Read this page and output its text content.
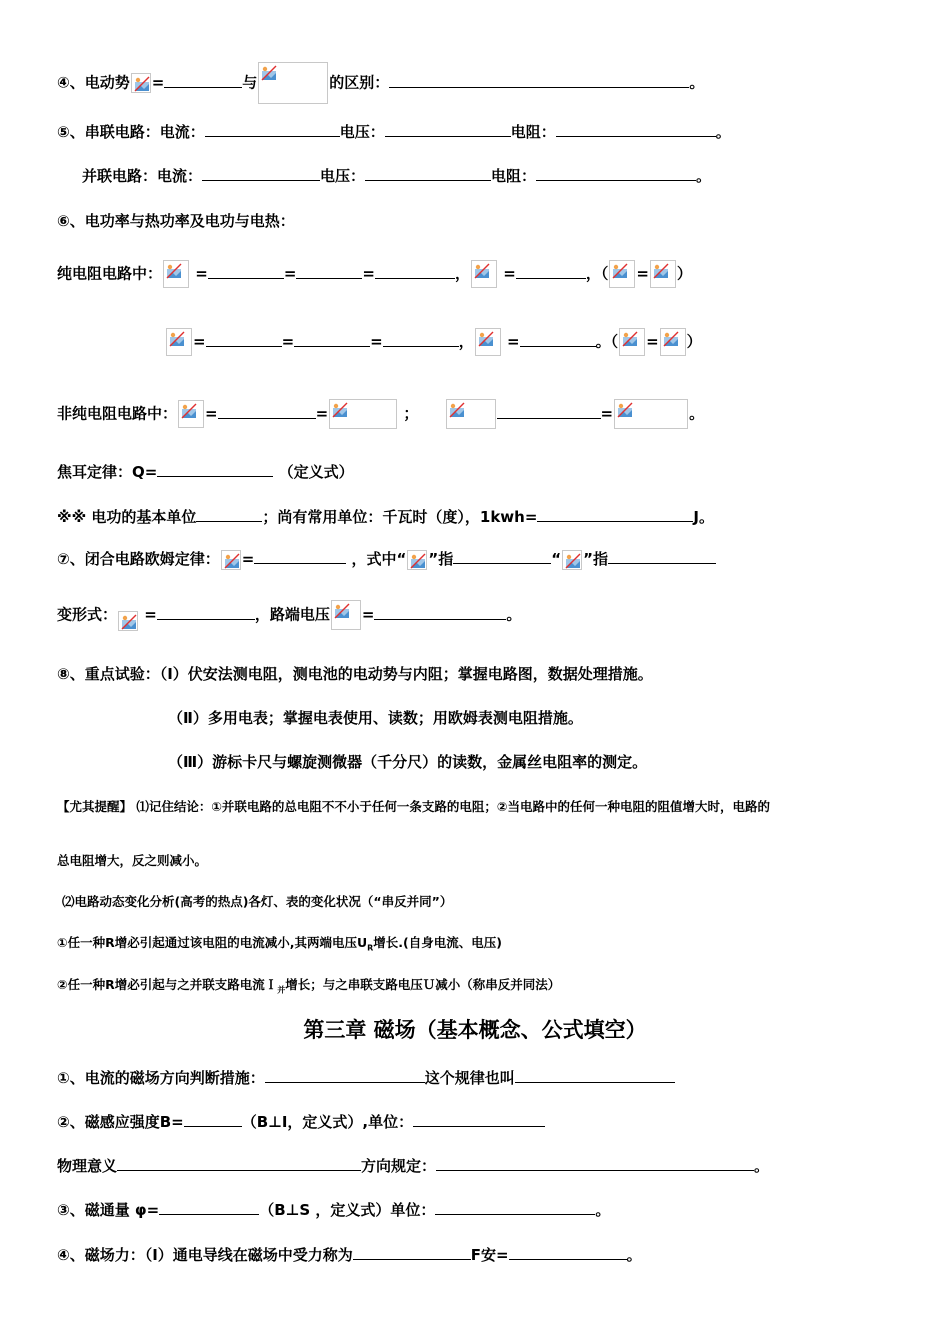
④、电动势 =	与	的区别：	。
⑤、串联电路：电流：	电压：	电阻：	。
并联电路：电流：	电压：	电阻：	。
⑥、电功率与热功率及电功与电热：
纯电阻电路中： =	=	=	， =	，（ = ）
=	=	=	， =	。（ = ）
非纯电阻电路中： =	=	；	=	。
焦耳定律：Q=	（定义式）
※※ 电功的基本单位	；尚有常用单位：千瓦时（度），1kwh=	J。
⑦、闭合电路欧姆定律： =	，式中“ ”指	“ ”指
变形式： =	，路端电压 =	。
⑧、重点试验：（Ⅰ）伏安法测电阻，测电池的电动势与内阻；掌握电路图，数据处理措施。
（Ⅱ）多用电表；掌握电表使用、读数；用欧姆表测电阻措施。
（Ⅲ）游标卡尺与螺旋测微器（千分尺）的读数，金属丝电阻率的测定。
【尤其提醒】 ⑴记住结论：①并联电路的总电阻不不小于任何一条支路的电阻；②当电路中的任何一种电阻的阻值增大时，电路的
总电阻增大，反之则减小。
⑵电路动态变化分析(高考的热点)各灯、表的变化状况（“串反并同”）
①任一种R增必引起通过该电阻的电流减小,其两端电压$U_R$增长.(自身电流、电压)
②任一种R增必引起与之并联支路电流Ｉ$_并$增长；与之串联支路电压Ｕ减小（称串反并同法）
第三章 磁场（基本概念、公式填空）
①、电流的磁场方向判断措施：	这个规律也叫
②、磁感应强度B=	（B⊥I，定义式）,单位：
物理意义	方向规定：	。
③、磁通量 φ=	（B⊥S ，定义式）单位：	。
④、磁场力：（Ⅰ）通电导线在磁场中受力称为	F安=	。
